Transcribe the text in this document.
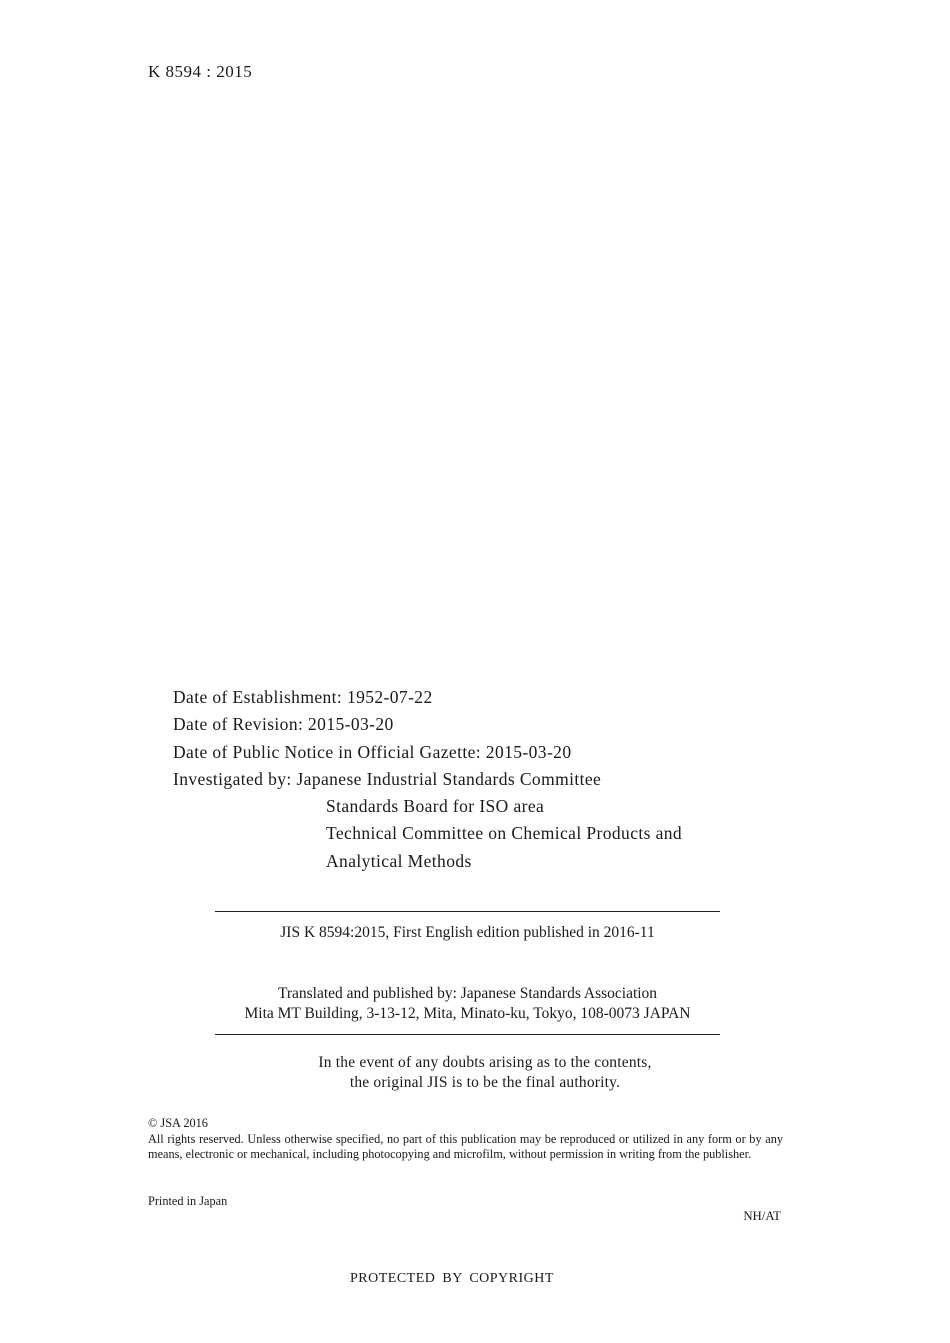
K 8594 : 2015
Date of Establishment: 1952-07-22
Date of Revision: 2015-03-20
Date of Public Notice in Official Gazette: 2015-03-20
Investigated by: Japanese Industrial Standards Committee
Standards Board for ISO area
Technical Committee on Chemical Products and
Analytical Methods
JIS K 8594:2015, First English edition published in 2016-11
Translated and published by: Japanese Standards Association
Mita MT Building, 3-13-12, Mita, Minato-ku, Tokyo, 108-0073 JAPAN
In the event of any doubts arising as to the contents,
the original JIS is to be the final authority.
© JSA 2016
All rights reserved. Unless otherwise specified, no part of this publication may be reproduced or utilized in any form or by any means, electronic or mechanical, including photocopying and microfilm, without permission in writing from the publisher.
Printed in Japan
NH/AT
PROTECTED BY COPYRIGHT
